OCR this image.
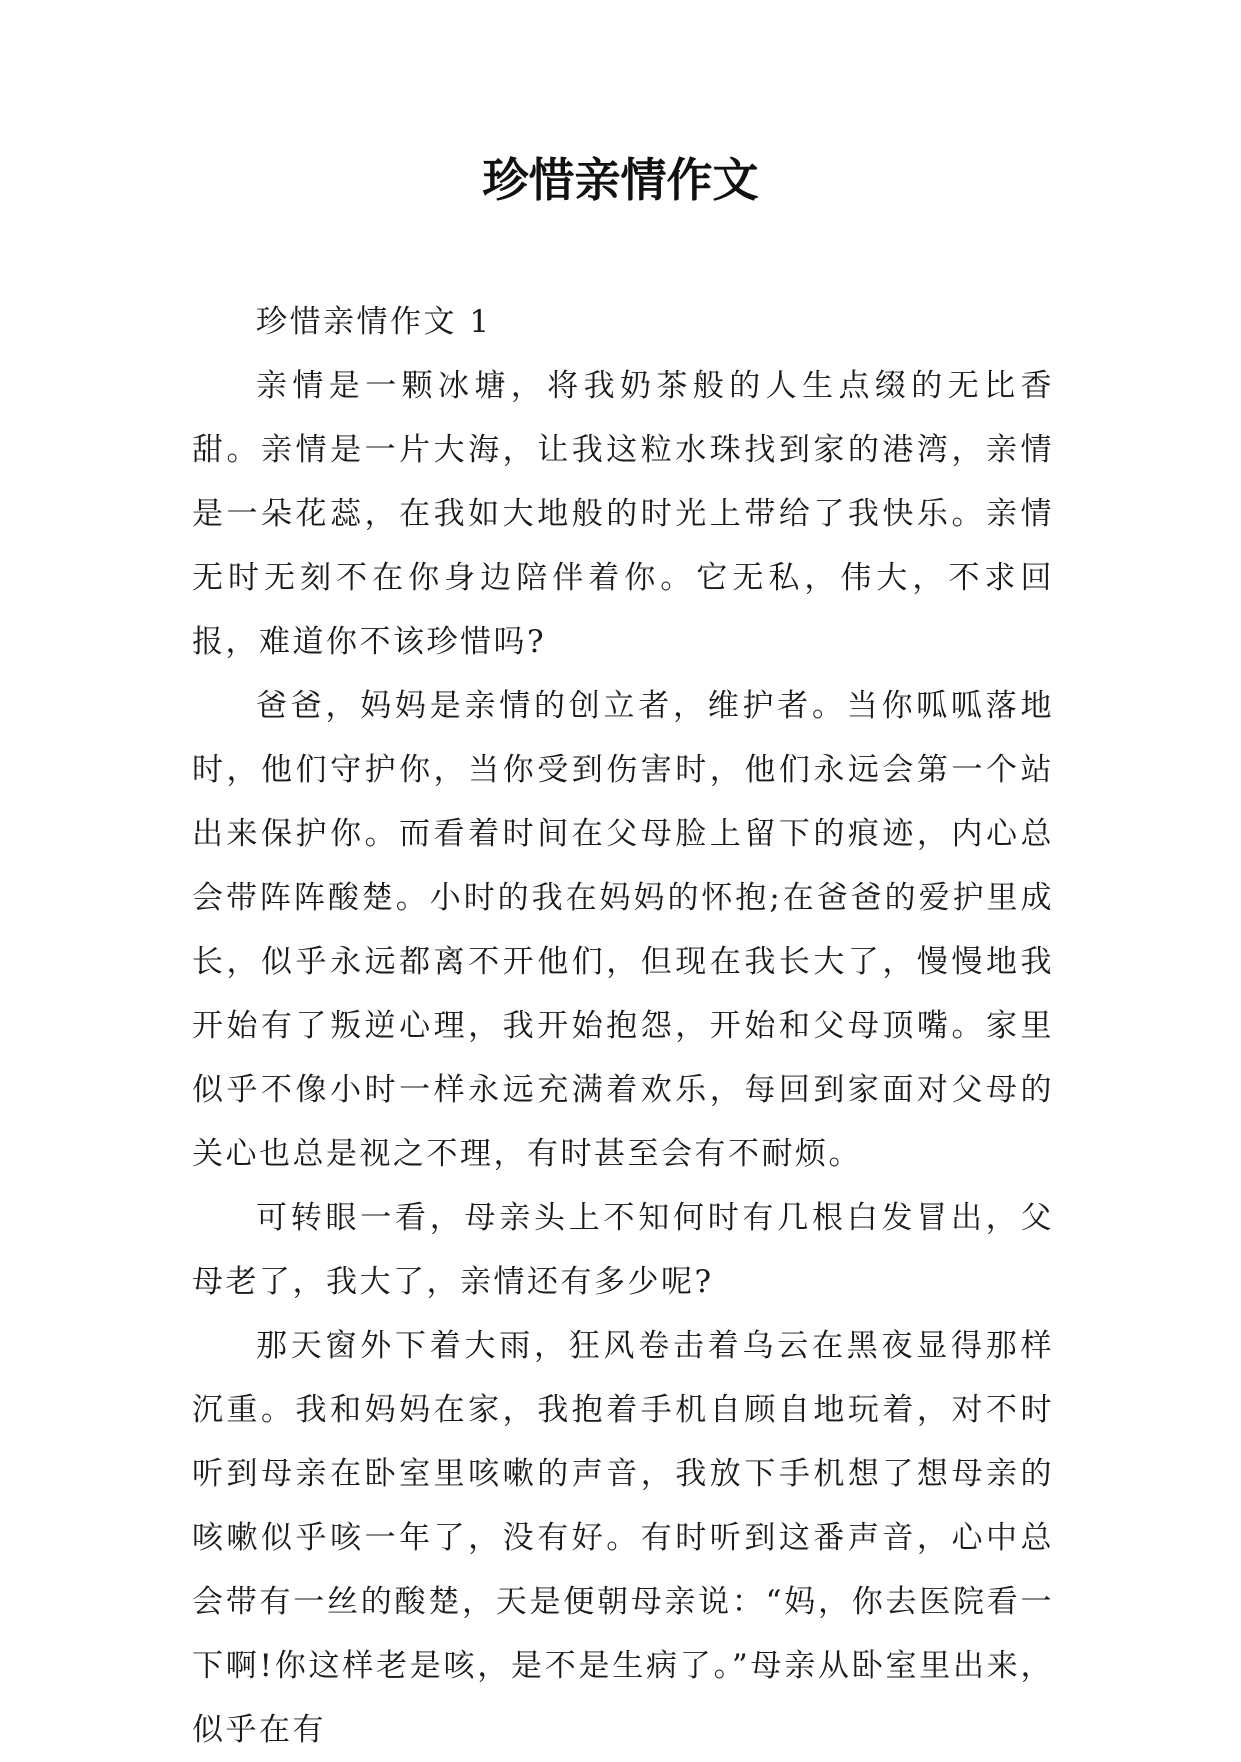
珍惜亲情作文

珍惜亲情作文 1

亲情是一颗冰塘，将我奶茶般的人生点缀的无比香甜。亲情是一片大海，让我这粒水珠找到家的港湾，亲情是一朵花蕊，在我如大地般的时光上带给了我快乐。亲情无时无刻不在你身边陪伴着你。它无私，伟大，不求回报，难道你不该珍惜吗?

爸爸，妈妈是亲情的创立者，维护者。当你呱呱落地时，他们守护你，当你受到伤害时，他们永远会第一个站出来保护你。而看着时间在父母脸上留下的痕迹，内心总会带阵阵酸楚。小时的我在妈妈的怀抱;在爸爸的爱护里成长，似乎永远都离不开他们，但现在我长大了，慢慢地我开始有了叛逆心理，我开始抱怨，开始和父母顶嘴。家里似乎不像小时一样永远充满着欢乐，每回到家面对父母的关心也总是视之不理，有时甚至会有不耐烦。

可转眼一看，母亲头上不知何时有几根白发冒出，父母老了，我大了，亲情还有多少呢?

那天窗外下着大雨，狂风卷击着乌云在黑夜显得那样沉重。我和妈妈在家，我抱着手机自顾自地玩着，对不时听到母亲在卧室里咳嗽的声音，我放下手机想了想母亲的咳嗽似乎咳一年了，没有好。有时听到这番声音，心中总会带有一丝的酸楚，天是便朝母亲说：“妈，你去医院看一下啊!你这样老是咳，是不是生病了。”母亲从卧室里出来，似乎在有
